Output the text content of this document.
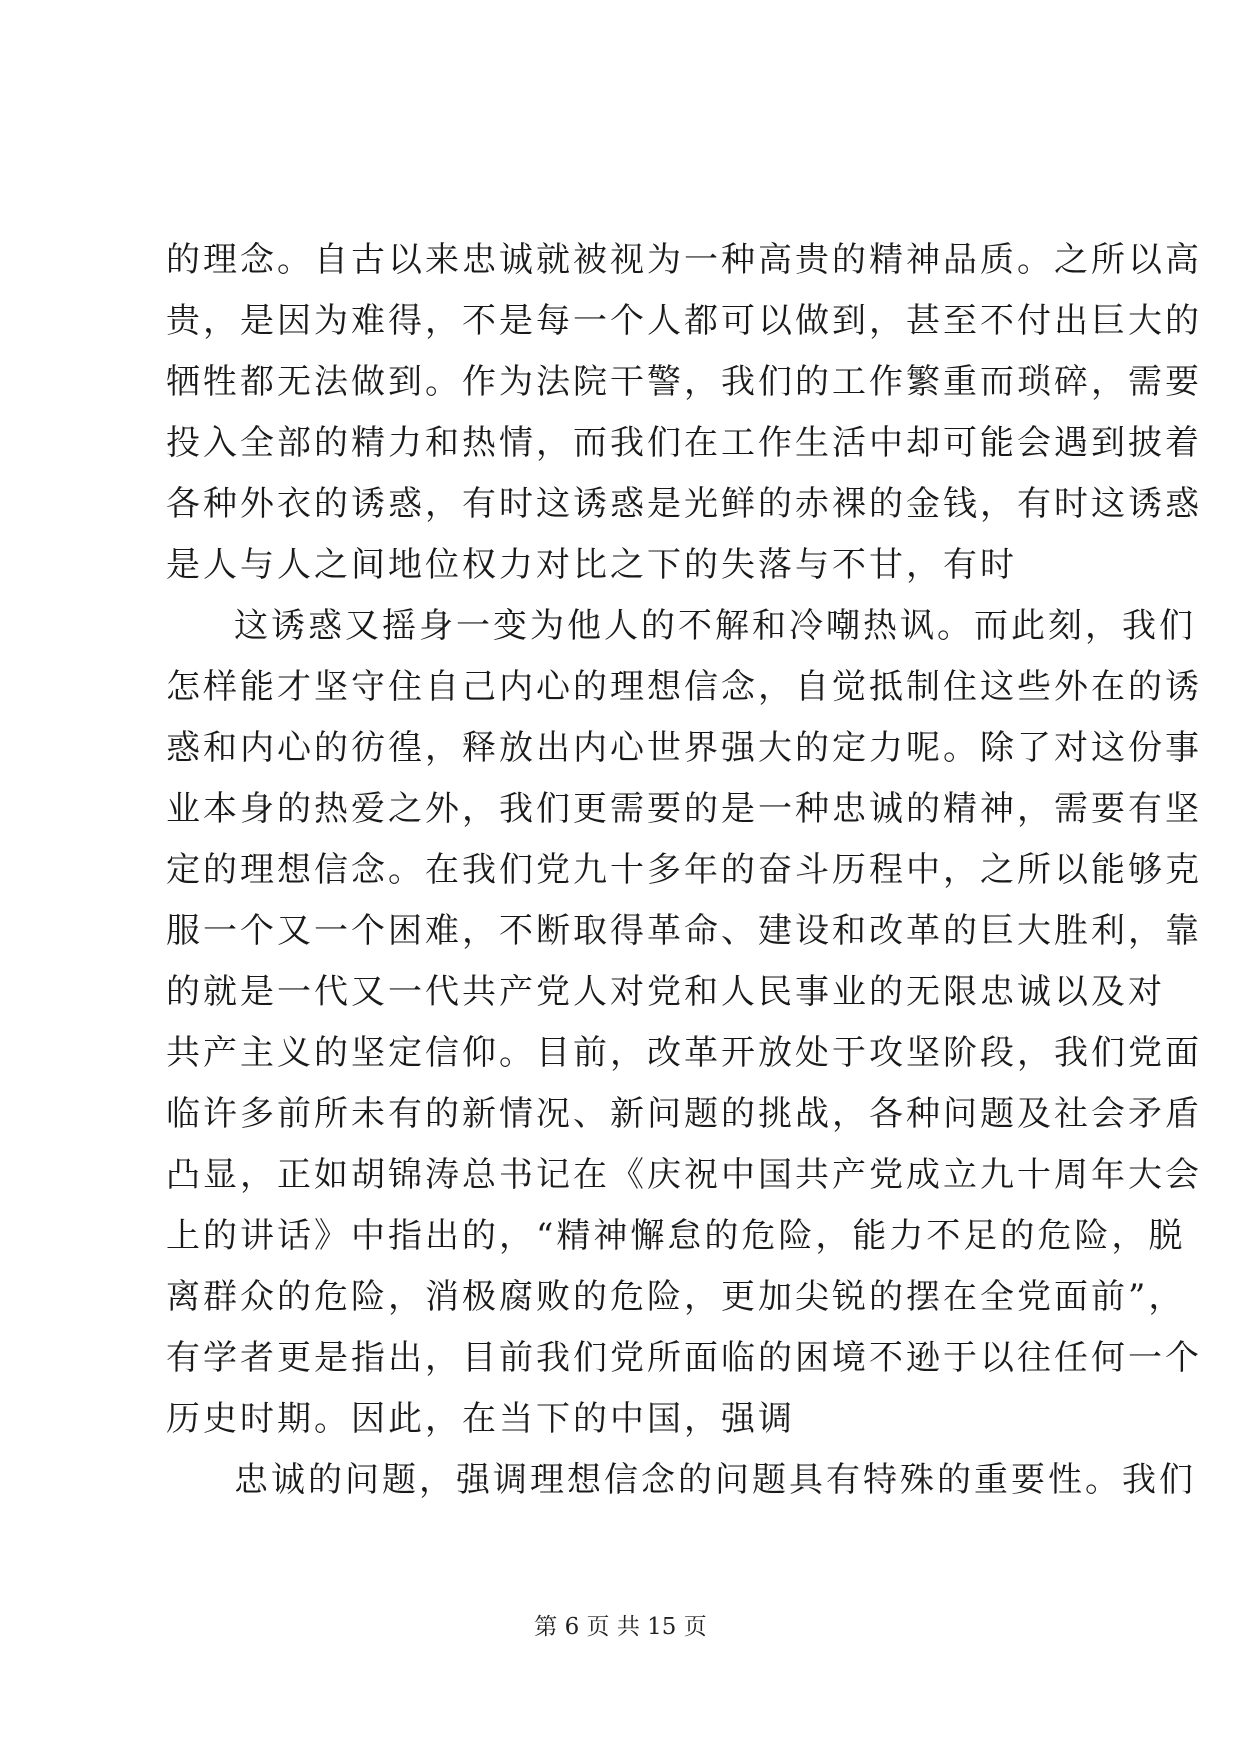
的理念。自古以来忠诚就被视为一种高贵的精神品质。之所以高
贵，是因为难得，不是每一个人都可以做到，甚至不付出巨大的
牺牲都无法做到。作为法院干警，我们的工作繁重而琐碎，需要
投入全部的精力和热情，而我们在工作生活中却可能会遇到披着
各种外衣的诱惑，有时这诱惑是光鲜的赤裸的金钱，有时这诱惑
是人与人之间地位权力对比之下的失落与不甘，有时
这诱惑又摇身一变为他人的不解和冷嘲热讽。而此刻，我们
怎样能才坚守住自己内心的理想信念，自觉抵制住这些外在的诱
惑和内心的彷徨，释放出内心世界强大的定力呢。除了对这份事
业本身的热爱之外，我们更需要的是一种忠诚的精神，需要有坚
定的理想信念。在我们党九十多年的奋斗历程中，之所以能够克
服一个又一个困难，不断取得革命、建设和改革的巨大胜利，靠
的就是一代又一代共产党人对党和人民事业的无限忠诚以及对
共产主义的坚定信仰。目前，改革开放处于攻坚阶段，我们党面
临许多前所未有的新情况、新问题的挑战，各种问题及社会矛盾
凸显，正如胡锦涛总书记在《庆祝中国共产党成立九十周年大会
上的讲话》中指出的，“精神懈怠的危险，能力不足的危险，脱
离群众的危险，消极腐败的危险，更加尖锐的摆在全党面前”，
有学者更是指出，目前我们党所面临的困境不逊于以往任何一个
历史时期。因此，在当下的中国，强调
忠诚的问题，强调理想信念的问题具有特殊的重要性。我们
第 6 页 共 15 页
